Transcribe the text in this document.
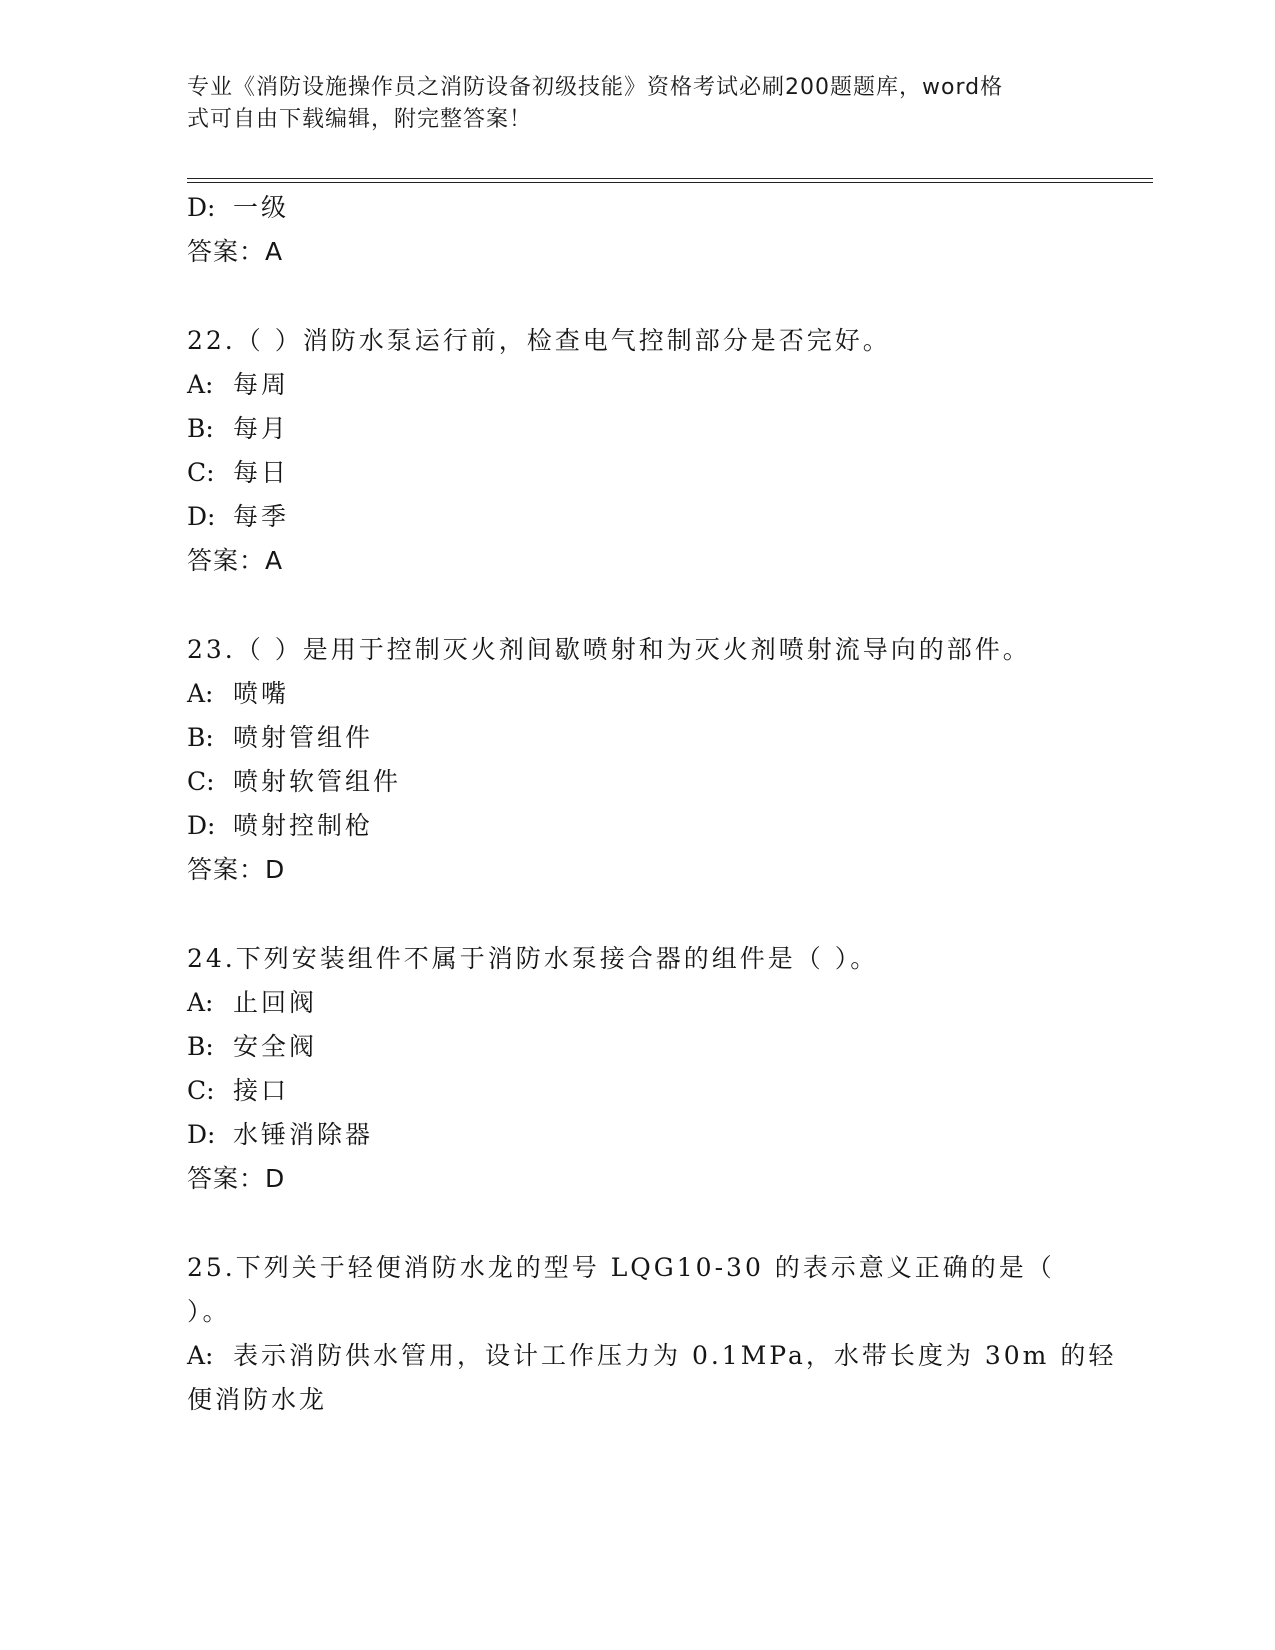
专业《消防设施操作员之消防设备初级技能》资格考试必刷200题题库，word格
式可自由下载编辑，附完整答案！
D: 一级
答案：A
22.（ ）消防水泵运行前，检查电气控制部分是否完好。
A: 每周
B: 每月
C: 每日
D: 每季
答案：A
23.（ ）是用于控制灭火剂间歇喷射和为灭火剂喷射流导向的部件。
A: 喷嘴
B: 喷射管组件
C: 喷射软管组件
D: 喷射控制枪
答案：D
24.下列安装组件不属于消防水泵接合器的组件是（ ）。
A: 止回阀
B: 安全阀
C: 接口
D: 水锤消除器
答案：D
25.下列关于轻便消防水龙的型号 LQG10-30 的表示意义正确的是（
）。
A: 表示消防供水管用，设计工作压力为 0.1MPa，水带长度为 30m 的轻
便消防水龙
